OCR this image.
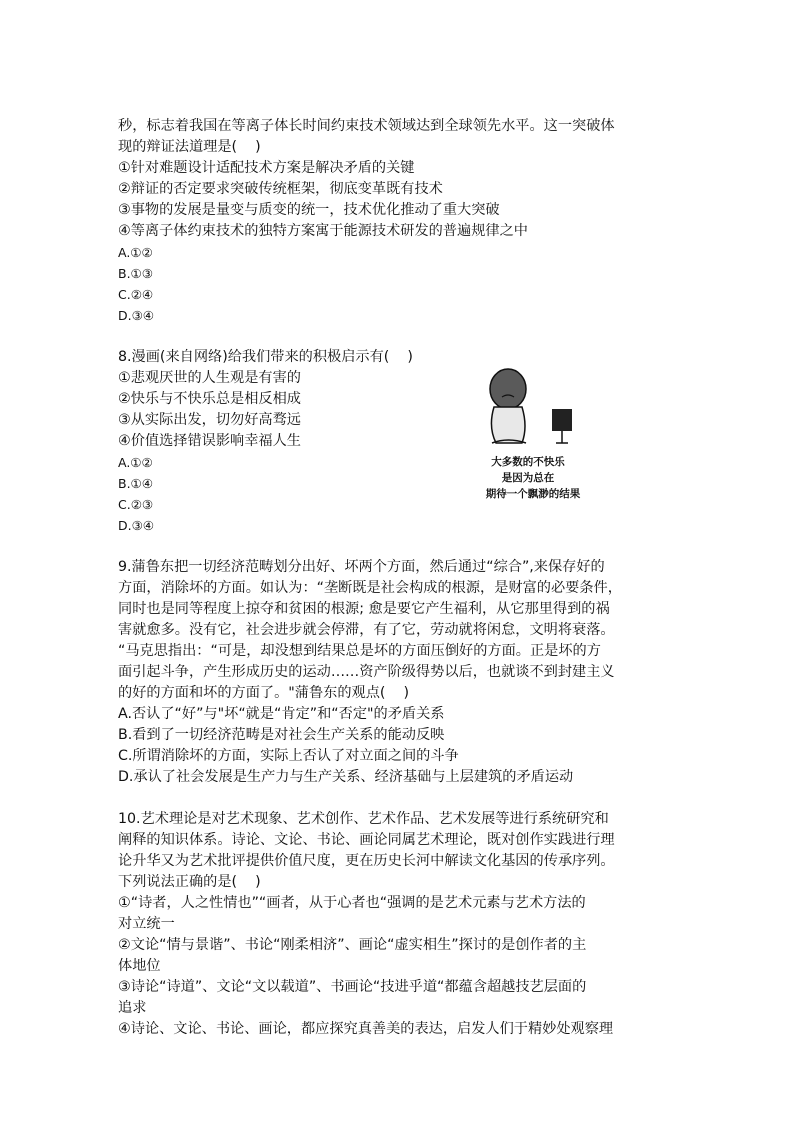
秒，标志着我国在等离子体长时间约束技术领域达到全球领先水平。这一突破体
现的辩证法道理是(    )
①针对难题设计适配技术方案是解决矛盾的关键
②辩证的否定要求突破传统框架，彻底变革既有技术
③事物的发展是量变与质变的统一，技术优化推动了重大突破
④等离子体约束技术的独特方案寓于能源技术研发的普遍规律之中
A.①②
B.①③
C.②④
D.③④
8.漫画(来自网络)给我们带来的积极启示有(    )
①悲观厌世的人生观是有害的
②快乐与不快乐总是相反相成
③从实际出发，切勿好高骛远
④价值选择错误影响幸福人生
A.①②
B.①④
C.②③
D.③④
大多数的不快乐
是因为总在
期待一个飘渺的结果
9.蒲鲁东把一切经济范畴划分出好、坏两个方面，然后通过“综合”,来保存好的
方面，消除坏的方面。如认为：“垄断既是社会构成的根源，是财富的必要条件，
同时也是同等程度上掠夺和贫困的根源; 愈是要它产生福利，从它那里得到的祸
害就愈多。没有它，社会进步就会停滞，有了它，劳动就将闲怠，文明将衰落。
“马克思指出：“可是，却没想到结果总是坏的方面压倒好的方面。正是坏的方
面引起斗争，产生形成历史的运动……资产阶级得势以后，也就谈不到封建主义
的好的方面和坏的方面了。"蒲鲁东的观点(    )
A.否认了“好”与"坏“就是“肯定”和“否定"的矛盾关系
B.看到了一切经济范畴是对社会生产关系的能动反映
C.所谓消除坏的方面，实际上否认了对立面之间的斗争
D.承认了社会发展是生产力与生产关系、经济基础与上层建筑的矛盾运动
10.艺术理论是对艺术现象、艺术创作、艺术作品、艺术发展等进行系统研究和
阐释的知识体系。诗论、文论、书论、画论同属艺术理论，既对创作实践进行理
论升华又为艺术批评提供价值尺度，更在历史长河中解读文化基因的传承序列。
下列说法正确的是(    )
①“诗者，人之性情也”“画者，从于心者也“强调的是艺术元素与艺术方法的
对立统一
②文论“情与景谐”、书论“刚柔相济”、画论“虚实相生”探讨的是创作者的主
体地位
③诗论“诗道”、文论“文以载道”、书画论“技进乎道“都蕴含超越技艺层面的
追求
④诗论、文论、书论、画论，都应探究真善美的表达，启发人们于精妙处观察理
